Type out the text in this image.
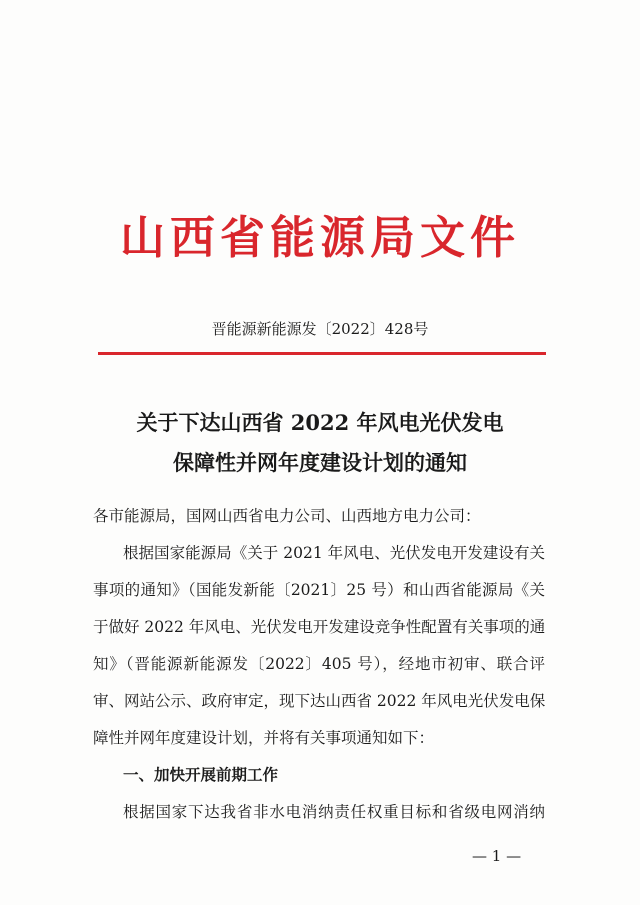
山西省能源局文件
晋能源新能源发〔2022〕428号
关于下达山西省 2022 年风电光伏发电
保障性并网年度建设计划的通知
各市能源局，国网山西省电力公司、山西地方电力公司：
根据国家能源局《关于 2021 年风电、光伏发电开发建设有关
事项的通知》（国能发新能〔2021〕25 号）和山西省能源局《关
于做好 2022 年风电、光伏发电开发建设竞争性配置有关事项的通
知》（晋能源新能源发〔2022〕405 号），经地市初审、联合评
审、网站公示、政府审定，现下达山西省 2022 年风电光伏发电保
障性并网年度建设计划，并将有关事项通知如下：
一、加快开展前期工作
根据国家下达我省非水电消纳责任权重目标和省级电网消纳
— 1 —
